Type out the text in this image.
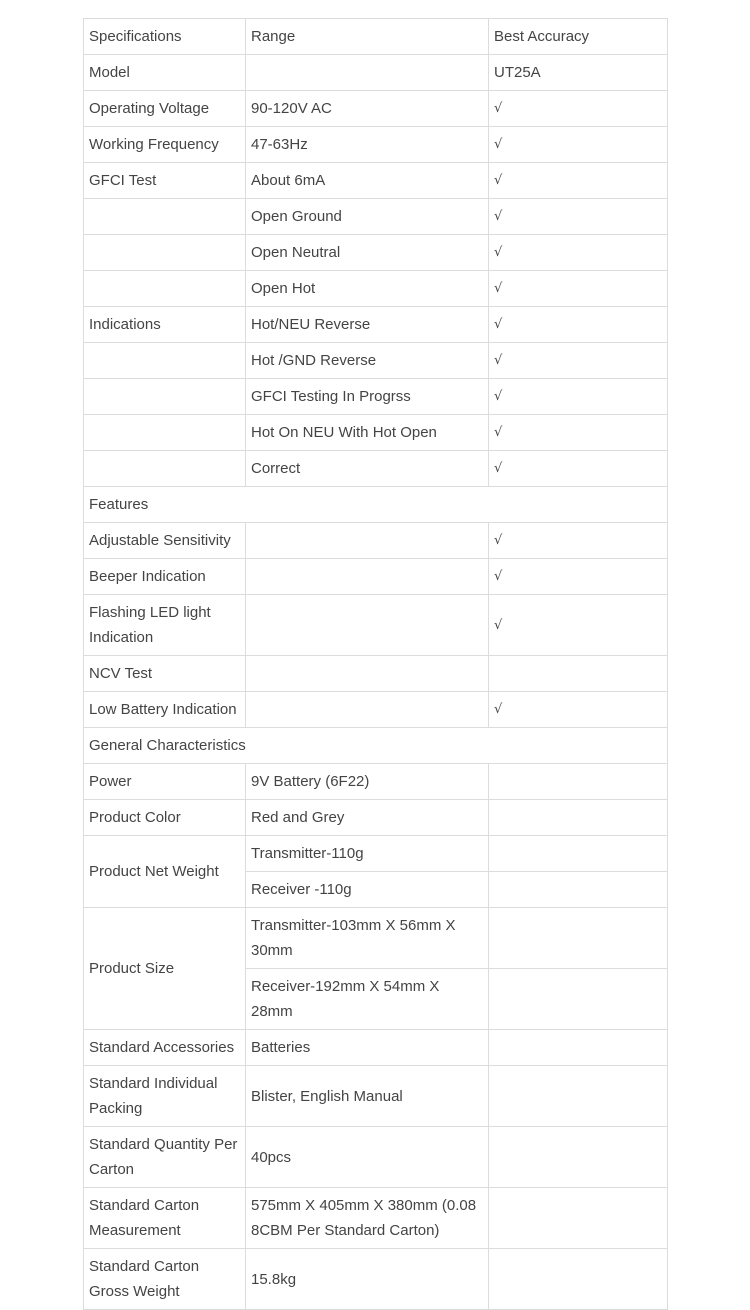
Specifications	Range	Best Accuracy
Model		UT25A
Operating Voltage	90-120V AC	√
Working Frequency	47-63Hz	√
GFCI Test	About 6mA	√
	Open Ground	√
	Open Neutral	√
	Open Hot	√
Indications	Hot/NEU Reverse	√
	Hot /GND Reverse	√
	GFCI Testing In Progrss	√
	Hot On NEU With Hot Open	√
	Correct	√
Features		
Adjustable Sensitivity		√
Beeper Indication		√
Flashing LED light Indication		√
NCV Test		
Low Battery Indication		√
General Characteristics		
Power	9V Battery (6F22)	
Product Color	Red and Grey	
Product Net Weight	Transmitter-110g	
	Receiver -110g	
Product Size	Transmitter-103mm X 56mm X 30mm	
	Receiver-192mm X 54mm X 28mm	
Standard Accessories	Batteries	
Standard Individual Packing	Blister, English Manual	
Standard Quantity Per Carton	40pcs	
Standard Carton Measurement	575mm X 405mm X 380mm (0.08 8CBM Per Standard Carton)	
Standard Carton Gross Weight	15.8kg	
